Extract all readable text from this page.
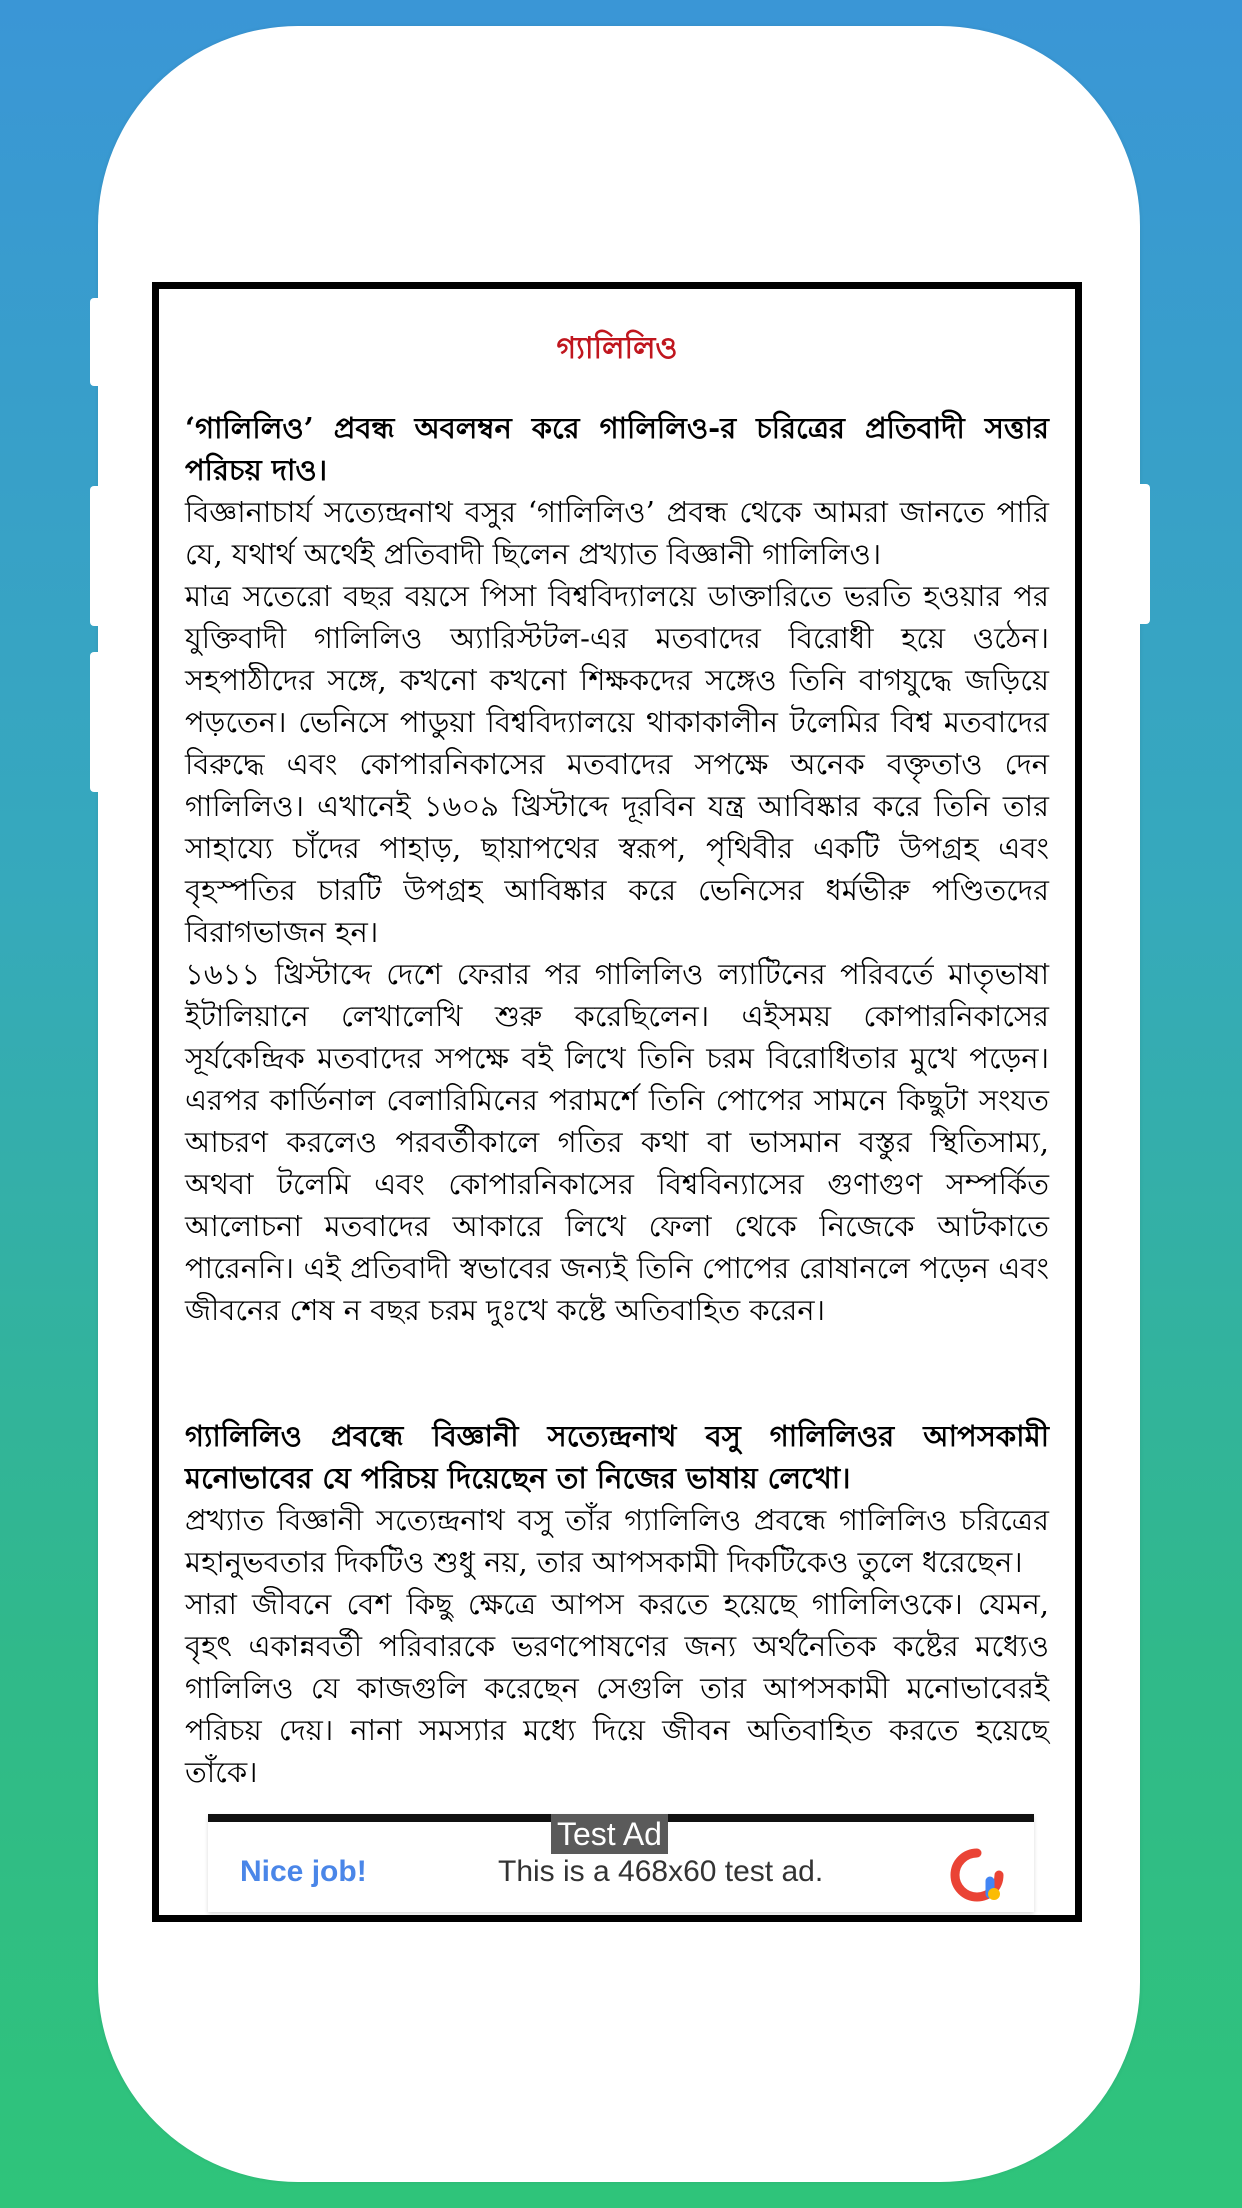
গ্যালিলিও

‘গালিলিও’ প্রবন্ধ অবলম্বন করে গালিলিও-র চরিত্রের প্রতিবাদী সত্তার পরিচয় দাও।

বিজ্ঞানাচার্য সত্যেন্দ্রনাথ বসুর ‘গালিলিও’ প্রবন্ধ থেকে আমরা জানতে পারি যে, যথার্থ অর্থেই প্রতিবাদী ছিলেন প্রখ্যাত বিজ্ঞানী গালিলিও।

মাত্র সতেরো বছর বয়সে পিসা বিশ্ববিদ্যালয়ে ডাক্তারিতে ভরতি হওয়ার পর যুক্তিবাদী গালিলিও অ্যারিস্টটল-এর মতবাদের বিরোধী হয়ে ওঠেন। সহপাঠীদের সঙ্গে, কখনো কখনো শিক্ষকদের সঙ্গেও তিনি বাগযুদ্ধে জড়িয়ে পড়তেন। ভেনিসে পাডুয়া বিশ্ববিদ্যালয়ে থাকাকালীন টলেমির বিশ্ব মতবাদের বিরুদ্ধে এবং কোপারনিকাসের মতবাদের সপক্ষে অনেক বক্তৃতাও দেন গালিলিও। এখানেই ১৬০৯ খ্রিস্টাব্দে দূরবিন যন্ত্র আবিষ্কার করে তিনি তার সাহায্যে চাঁদের পাহাড়, ছায়াপথের স্বরূপ, পৃথিবীর একটি উপগ্রহ এবং বৃহস্পতির চারটি উপগ্রহ আবিষ্কার করে ভেনিসের ধর্মভীরু পণ্ডিতদের বিরাগভাজন হন।

১৬১১ খ্রিস্টাব্দে দেশে ফেরার পর গালিলিও ল্যাটিনের পরিবর্তে মাতৃভাষা ইটালিয়ানে লেখালেখি শুরু করেছিলেন। এইসময় কোপারনিকাসের সূর্যকেন্দ্রিক মতবাদের সপক্ষে বই লিখে তিনি চরম বিরোধিতার মুখে পড়েন। এরপর কার্ডিনাল বেলারিমিনের পরামর্শে তিনি পোপের সামনে কিছুটা সংযত আচরণ করলেও পরবর্তীকালে গতির কথা বা ভাসমান বস্তুর স্থিতিসাম্য, অথবা টলেমি এবং কোপারনিকাসের বিশ্ববিন্যাসের গুণাগুণ সম্পর্কিত আলোচনা মতবাদের আকারে লিখে ফেলা থেকে নিজেকে আটকাতে পারেননি। এই প্রতিবাদী স্বভাবের জন্যই তিনি পোপের রোষানলে পড়েন এবং জীবনের শেষ ন বছর চরম দুঃখে কষ্টে অতিবাহিত করেন।

গ্যালিলিও প্রবন্ধে বিজ্ঞানী সত্যেন্দ্রনাথ বসু গালিলিওর আপসকামী মনোভাবের যে পরিচয় দিয়েছেন তা নিজের ভাষায় লেখো।

প্রখ্যাত বিজ্ঞানী সত্যেন্দ্রনাথ বসু তাঁর গ্যালিলিও প্রবন্ধে গালিলিও চরিত্রের মহানুভবতার দিকটিও শুধু নয়, তার আপসকামী দিকটিকেও তুলে ধরেছেন।

সারা জীবনে বেশ কিছু ক্ষেত্রে আপস করতে হয়েছে গালিলিওকে। যেমন, বৃহৎ একান্নবর্তী পরিবারকে ভরণপোষণের জন্য অর্থনৈতিক কষ্টের মধ্যেও গালিলিও যে কাজগুলি করেছেন সেগুলি তার আপসকামী মনোভাবেরই পরিচয় দেয়। নানা সমস্যার মধ্যে দিয়ে জীবন অতিবাহিত করতে হয়েছে তাঁকে।

Test Ad
Nice job!	This is a 468x60 test ad.
